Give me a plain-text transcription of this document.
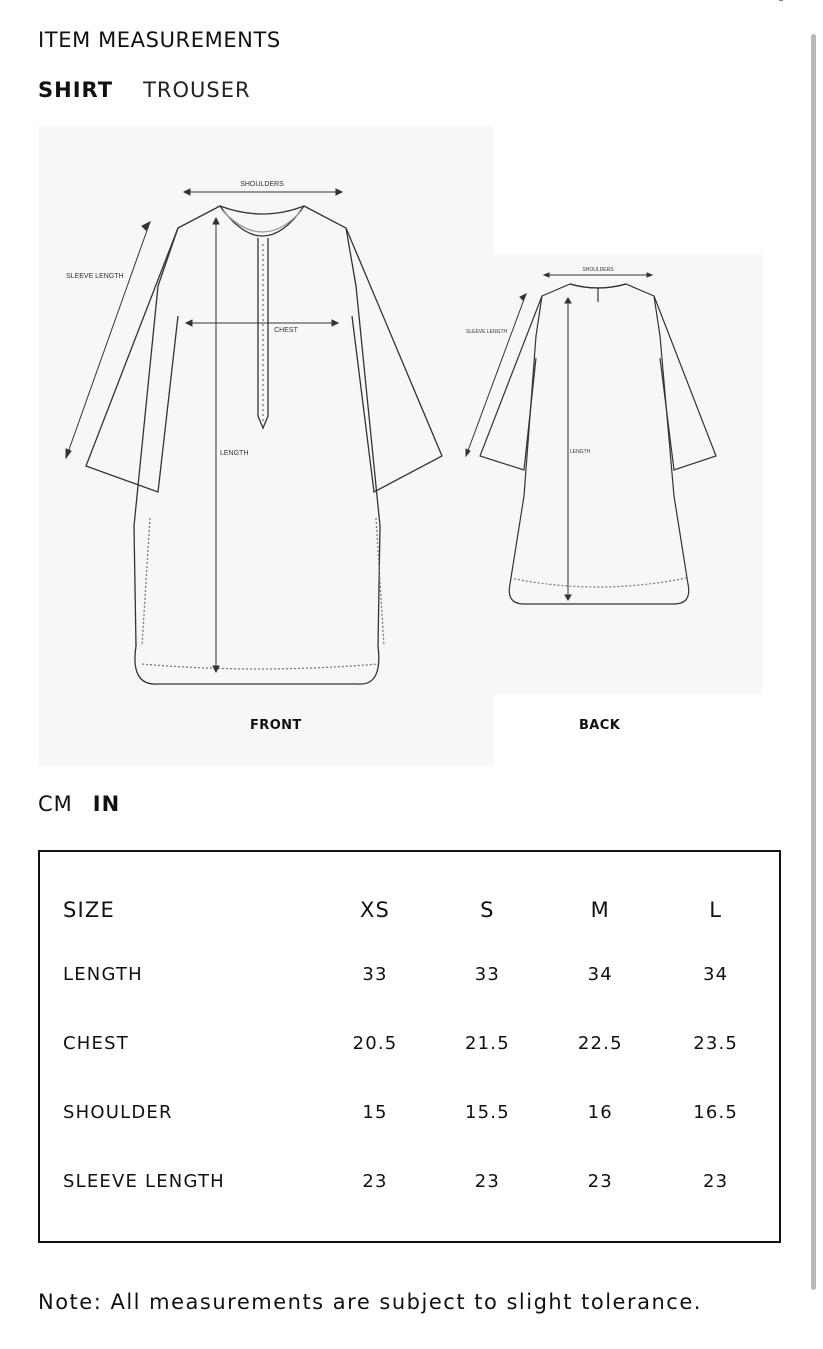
ITEM MEASUREMENTS
SHIRT TROUSER
SHOULDERS
SLEEVE LENGTH
CHEST
LENGTH
SHOULDERS
SLEEVE LENGTH
LENGTH
FRONT	BACK
CM IN
SIZE	XS	S	M	L
LENGTH	33	33	34	34
CHEST	20.5	21.5	22.5	23.5
SHOULDER	15	15.5	16	16.5
SLEEVE LENGTH	23	23	23	23
Note: All measurements are subject to slight tolerance.
